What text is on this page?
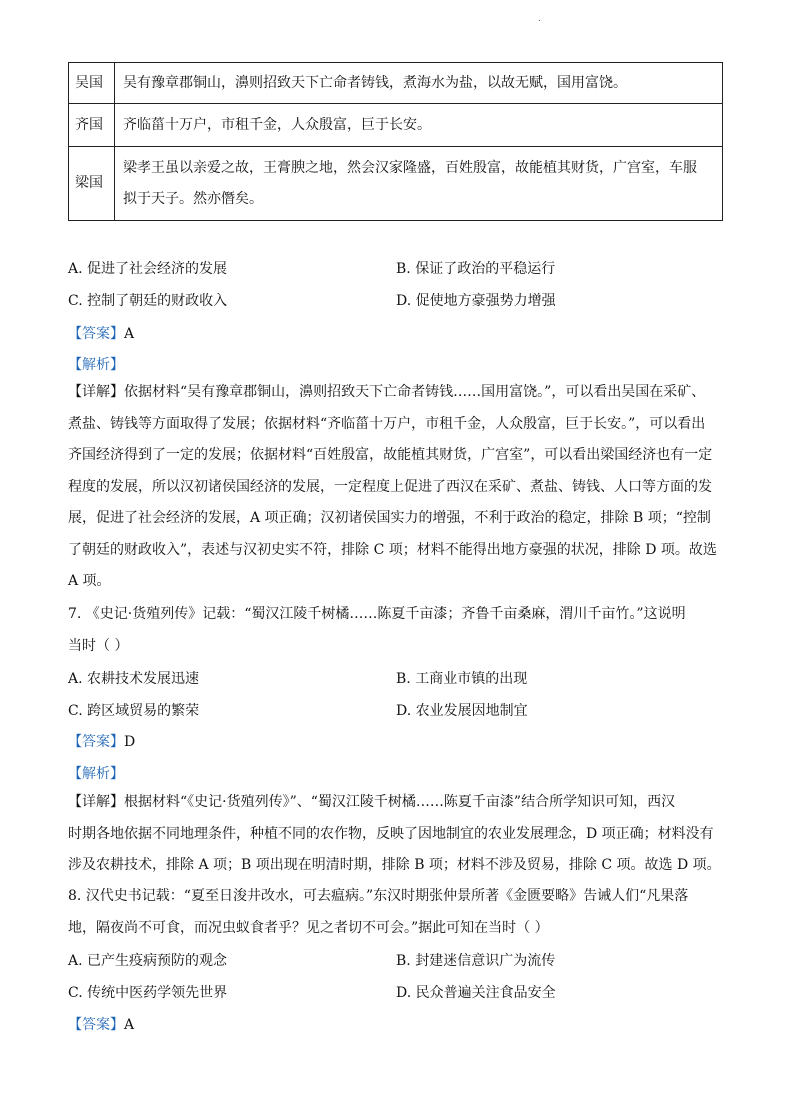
.
吴国	吴有豫章郡铜山，濞则招致天下亡命者铸钱，煮海水为盐，以故无赋，国用富饶。

齐国	齐临菑十万户，市租千金，人众殷富，巨于长安。

梁国	梁孝王虽以亲爱之故，王膏腴之地，然会汉家隆盛，百姓殷富，故能植其财货，广宫室，车服
拟于天子。然亦僭矣。
A. 促进了社会经济的发展	B. 保证了政治的平稳运行
C. 控制了朝廷的财政收入	D. 促使地方豪强势力增强
【答案】A
【解析】
【详解】依据材料“吴有豫章郡铜山，濞则招致天下亡命者铸钱……国用富饶。”，可以看出吴国在采矿、
煮盐、铸钱等方面取得了发展；依据材料“齐临菑十万户，市租千金，人众殷富，巨于长安。”，可以看出
齐国经济得到了一定的发展；依据材料“百姓殷富，故能植其财货，广宫室”，可以看出梁国经济也有一定
程度的发展，所以汉初诸侯国经济的发展，一定程度上促进了西汉在采矿、煮盐、铸钱、人口等方面的发
展，促进了社会经济的发展，A 项正确；汉初诸侯国实力的增强，不利于政治的稳定，排除 B 项；“控制
了朝廷的财政收入”，表述与汉初史实不符，排除 C 项；材料不能得出地方豪强的状况，排除 D 项。故选
A 项。
7. 《史记·货殖列传》记载：“蜀汉江陵千树橘……陈夏千亩漆；齐鲁千亩桑麻，渭川千亩竹。”这说明
当时（ ）
A. 农耕技术发展迅速	B. 工商业市镇的出现
C. 跨区域贸易的繁荣	D. 农业发展因地制宜
【答案】D
【解析】
【详解】根据材料“《史记·货殖列传》”、“蜀汉江陵千树橘……陈夏千亩漆”结合所学知识可知，西汉
时期各地依据不同地理条件，种植不同的农作物，反映了因地制宜的农业发展理念，D 项正确；材料没有
涉及农耕技术，排除 A 项；B 项出现在明清时期，排除 B 项；材料不涉及贸易，排除 C 项。故选 D 项。
8. 汉代史书记载：“夏至日浚井改水，可去瘟病。”东汉时期张仲景所著《金匮要略》告诫人们“凡果落
地，隔夜尚不可食，而况虫蚁食者乎？见之者切不可会。”据此可知在当时（ ）
A. 已产生疫病预防的观念	B. 封建迷信意识广为流传
C. 传统中医药学领先世界	D. 民众普遍关注食品安全
【答案】A
